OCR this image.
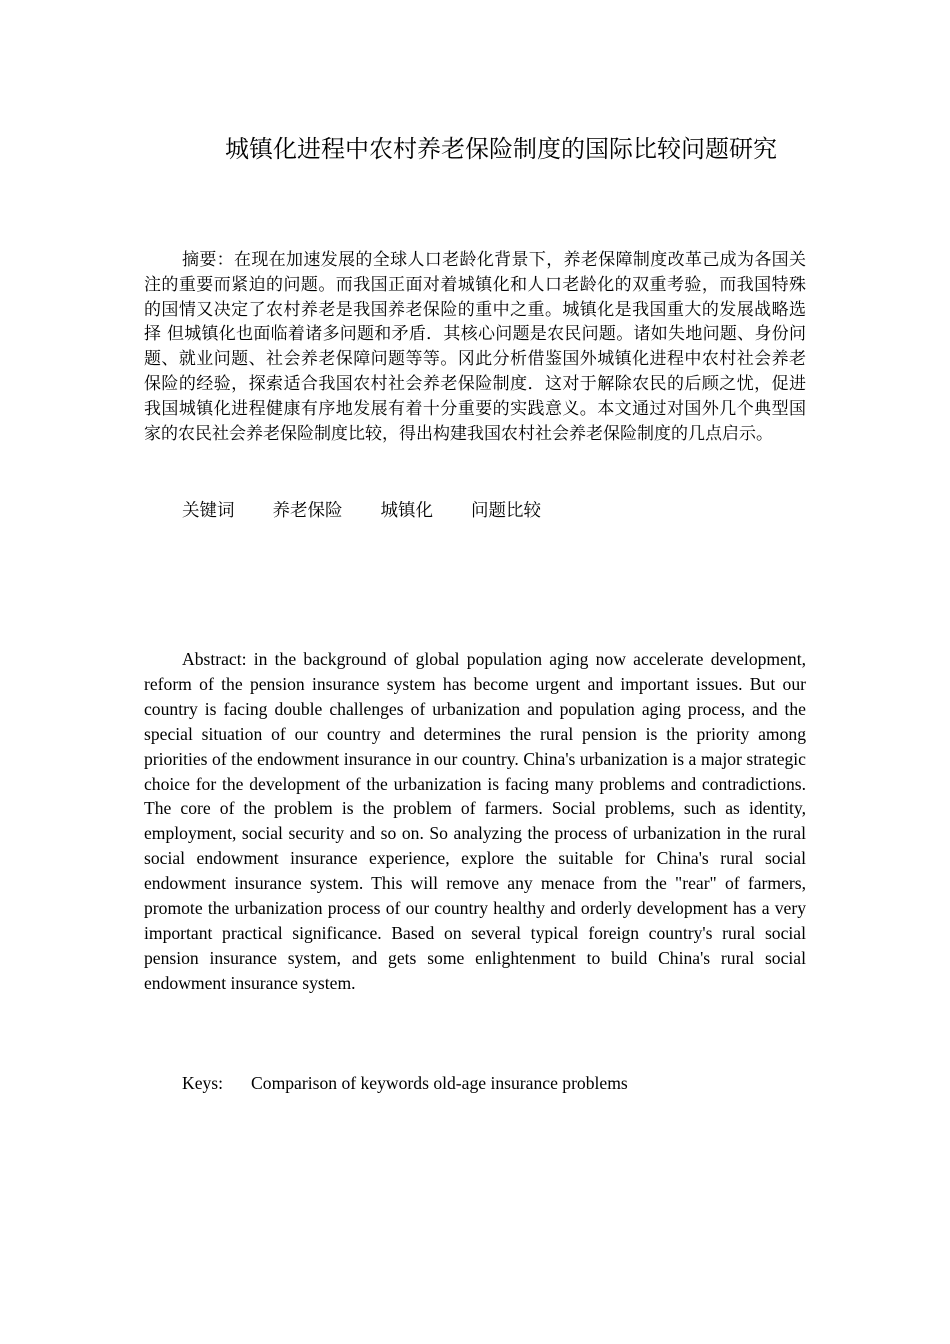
城镇化进程中农村养老保险制度的国际比较问题研究
摘要：在现在加速发展的全球人口老龄化背景下，养老保障制度改革己成为各国关注的重要而紧迫的问题。而我国正面对着城镇化和人口老龄化的双重考验，而我国特殊的国情又决定了农村养老是我国养老保险的重中之重。城镇化是我国重大的发展战略选择 但城镇化也面临着诸多问题和矛盾．其核心问题是农民问题。诸如失地问题、身份问题、就业问题、社会养老保障问题等等。冈此分析借鉴国外城镇化进程中农村社会养老保险的经验，探索适合我国农村社会养老保险制度．这对于解除农民的后顾之忧，促进我国城镇化进程健康有序地发展有着十分重要的实践意义。本文通过对国外几个典型国家的农民社会养老保险制度比较，得出构建我国农村社会养老保险制度的几点启示。
关键词 养老保险 城镇化 问题比较
Abstract: in the background of global population aging now accelerate development, reform of the pension insurance system has become urgent and important issues. But our country is facing double challenges of urbanization and population aging process, and the special situation of our country and determines the rural pension is the priority among priorities of the endowment insurance in our country. China's urbanization is a major strategic choice for the development of the urbanization is facing many problems and contradictions. The core of the problem is the problem of farmers. Social problems, such as identity, employment, social security and so on. So analyzing the process of urbanization in the rural social endowment insurance experience, explore the suitable for China's rural social endowment insurance system. This will remove any menace from the "rear" of farmers, promote the urbanization process of our country healthy and orderly development has a very important practical significance. Based on several typical foreign country's rural social pension insurance system, and gets some enlightenment to build China's rural social endowment insurance system.
Keys: Comparison of keywords old-age insurance problems
